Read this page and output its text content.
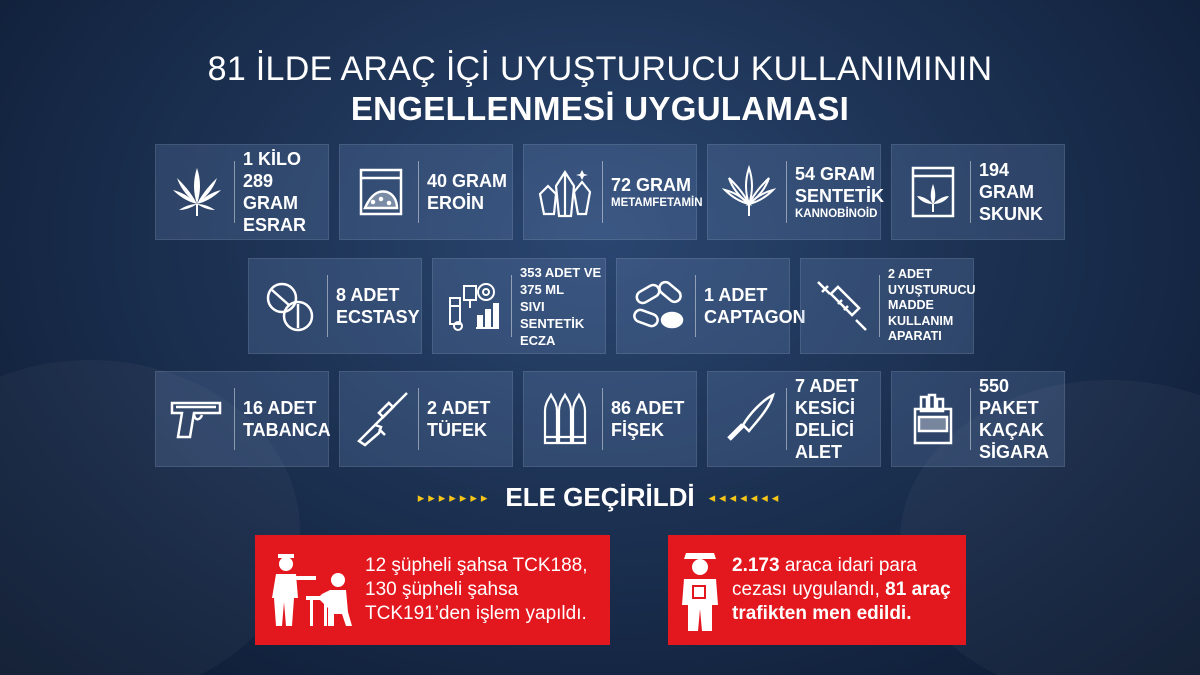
81 İLDE ARAÇ İÇİ UYUŞTURUCU KULLANIMININ
ENGELLENMESİ UYGULAMASI
1 KİLO
289 GRAM
ESRAR
40 GRAM
EROİN

72 GRAM

METAMFETAMİN

54 GRAM
SENTETİK

KANNOBİNOİD

194 GRAM
SKUNK
8 ADET
ECSTASY
353 ADET VE
375 ML
SIVI SENTETİK
ECZA
1 ADET
CAPTAGON
2 ADET
UYUŞTURUCU
MADDE
KULLANIM
APARATI
16 ADET
TABANCA
2 ADET
TÜFEK
86 ADET
FİŞEK
7 ADET
KESİCİ
DELİCİ ALET
550 PAKET
KAÇAK
SİGARA
▸▸▸▸▸▸▸ ELE GEÇİRİLDİ ◂◂◂◂◂◂◂
12 şüpheli şahsa TCK188,
130 şüpheli şahsa
TCK191’den işlem yapıldı.
2.173 araca idari para
cezası uygulandı, 81 araç
trafikten men edildi.
